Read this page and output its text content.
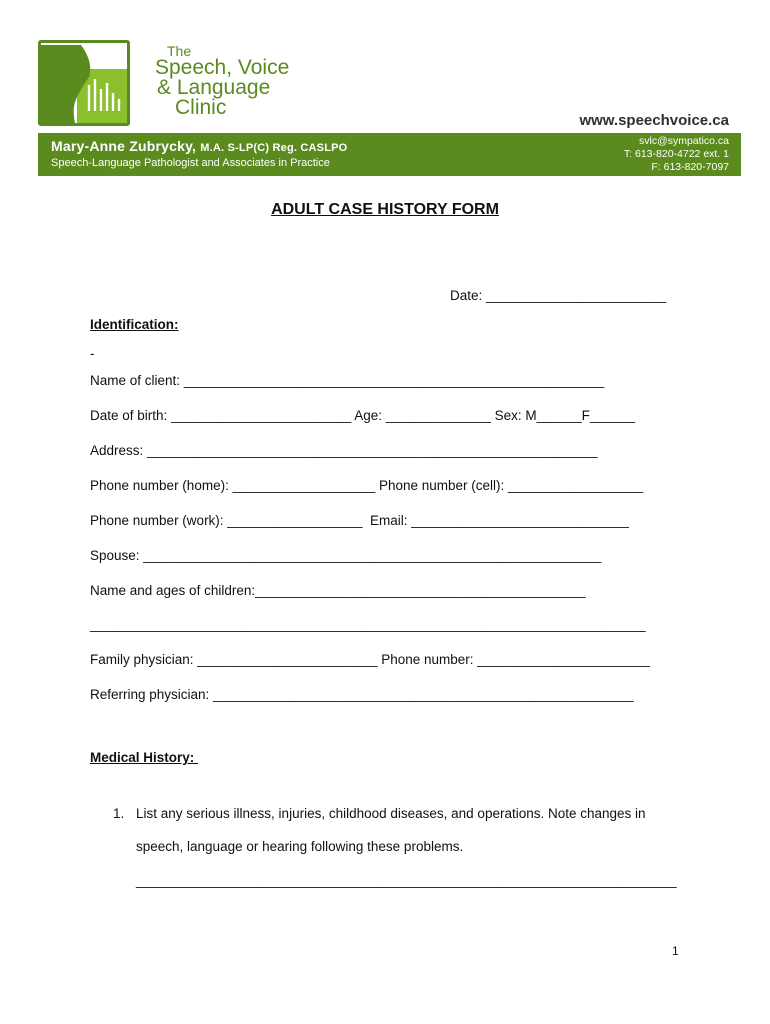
The
Speech, Voice
& Language
Clinic
www.speechvoice.ca
Mary-Anne Zubrycky, M.A. S-LP(C) Reg. CASLPO
Speech-Language Pathologist and Associates in Practice
svlc@sympatico.ca
T: 613-820-4722 ext. 1
F: 613-820-7097
ADULT CASE HISTORY FORM
Date: ________________________
Identification:
-
Name of client: ________________________________________________________
Date of birth: ________________________ Age: ______________ Sex: M______F______
Address: ____________________________________________________________
Phone number (home): ___________________ Phone number (cell): __________________
Phone number (work): __________________  Email: _____________________________
Spouse: _____________________________________________________________
Name and ages of children:____________________________________________
__________________________________________________________________________
Family physician: ________________________ Phone number: _______________________
Referring physician: ________________________________________________________
Medical History:
1. List any serious illness, injuries, childhood diseases, and operations. Note changes in
speech, language or hearing following these problems.
________________________________________________________________________
1
